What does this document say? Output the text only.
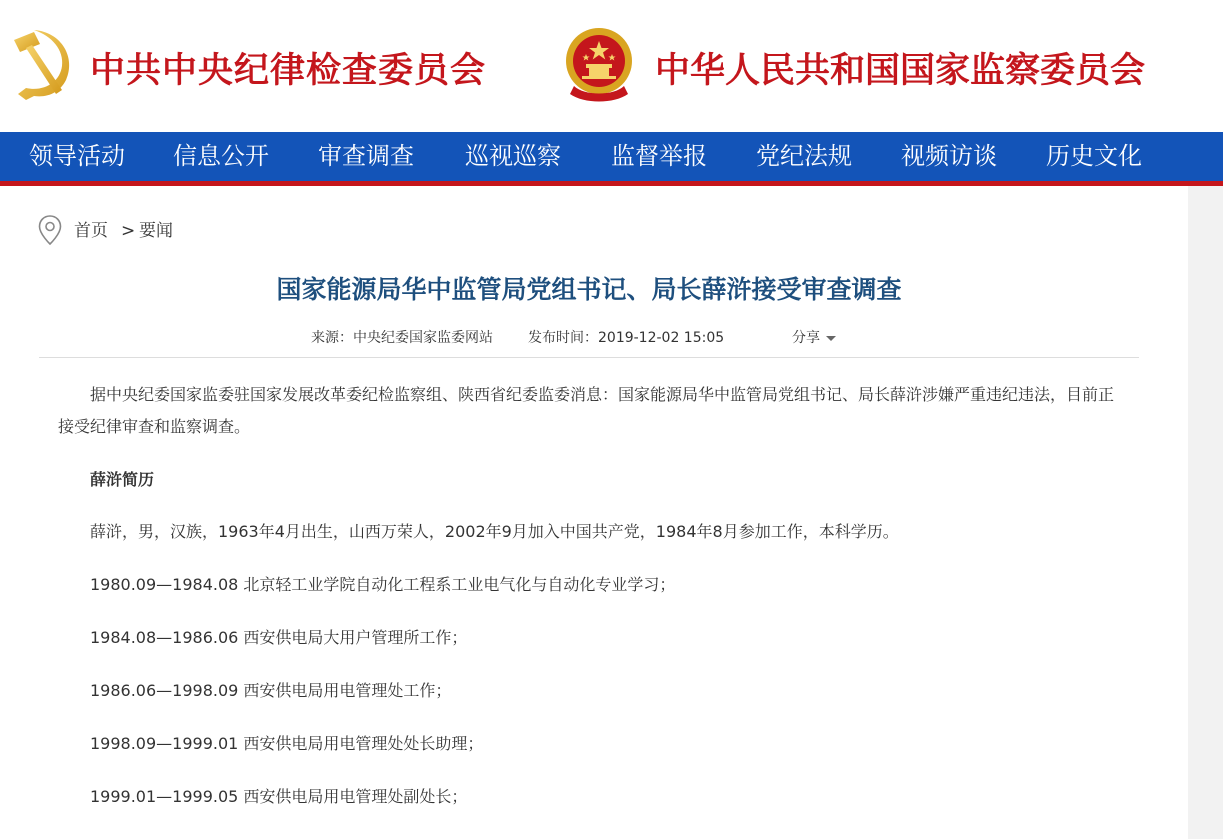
中共中央纪律检查委员会	中华人民共和国国家监察委员会
领导活动 信息公开 审查调查 巡视巡察 监督举报 党纪法规 视频访谈 历史文化
首页 > 要闻
国家能源局华中监管局党组书记、局长薛浒接受审查调查
来源：中央纪委国家监委网站	发布时间：2019-12-02 15:05	分享
据中央纪委国家监委驻国家发展改革委纪检监察组、陕西省纪委监委消息：国家能源局华中监管局党组书记、局长薛浒涉嫌严重违纪违法，目前正接受纪律审查和监察调查。
薛浒简历
薛浒，男，汉族，1963年4月出生，山西万荣人，2002年9月加入中国共产党，1984年8月参加工作，本科学历。
1980.09—1984.08 北京轻工业学院自动化工程系工业电气化与自动化专业学习；
1984.08—1986.06 西安供电局大用户管理所工作；
1986.06—1998.09 西安供电局用电管理处工作；
1998.09—1999.01 西安供电局用电管理处处长助理；
1999.01—1999.05 西安供电局用电管理处副处长；
